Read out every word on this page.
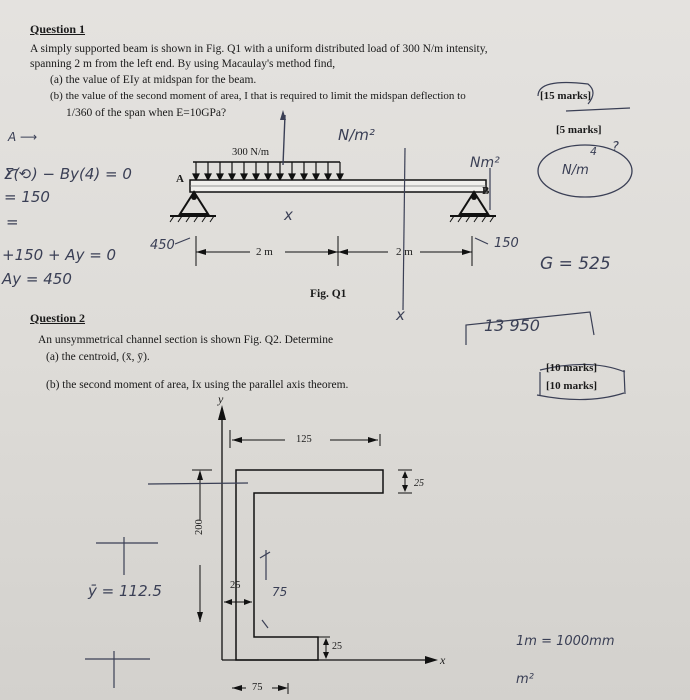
Question 1
A simply supported beam is shown in Fig. Q1 with a uniform distributed load of 300 N/m intensity,
spanning 2 m from the left end. By using Macaulay's method find,
(a) the value of EIy at midspan for the beam.
[15 marks]
(b) the value of the second moment of area, I that is required to limit the midspan deflection to
1/360 of the span when E=10GPa?
[5 marks]
300 N/m
A
B
2 m	2 m
Fig. Q1
Question 2
An unsymmetrical channel section is shown Fig. Q2. Determine
(a) the centroid, (x̄, ȳ).
[10 marks]
(b) the second moment of area, Ix using the parallel axis theorem.	[10 marks]
y
x
125
25
200
25
25
75
A ⟶
Σ(⟲) − By(4) = 0
= 150
=
+150 + Ay = 0
Ay = 450
450	150
N/m²
Nm²	N/m
G = 525
x
x
13 950
ȳ = 112.5	75
1m = 1000mm
m²
?
4
